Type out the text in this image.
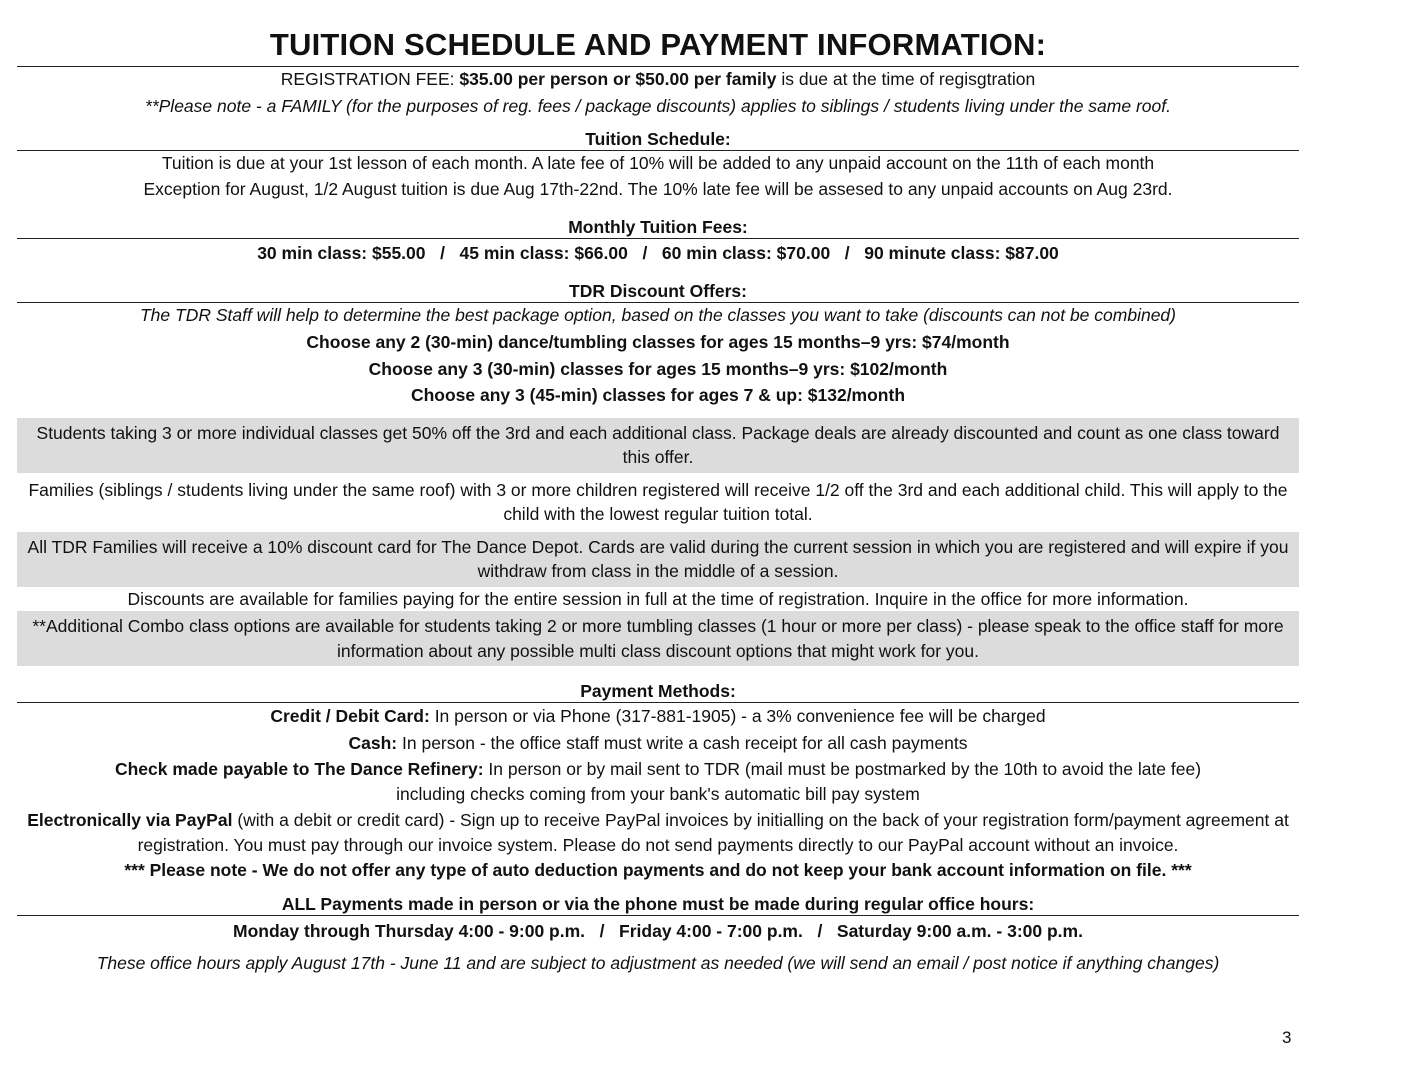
TUITION SCHEDULE AND PAYMENT INFORMATION:
REGISTRATION FEE: $35.00 per person or $50.00 per family is due at the time of regisgtration
**Please note - a FAMILY (for the purposes of reg. fees / package discounts) applies to siblings / students living under the same roof.
Tuition Schedule:
Tuition is due at your 1st lesson of each month. A late fee of 10% will be added to any unpaid account on the 11th of each month
Exception for August, 1/2 August tuition is due Aug 17th-22nd. The 10% late fee will be assesed to any unpaid accounts on Aug 23rd.
Monthly Tuition Fees:
30 min class: $55.00   /   45 min class: $66.00   /   60 min class: $70.00   /   90 minute class: $87.00
TDR Discount Offers:
The TDR Staff will help to determine the best package option, based on the classes you want to take (discounts can not be combined)
Choose any 2 (30-min) dance/tumbling classes for ages 15 months–9 yrs: $74/month
Choose any 3 (30-min) classes for ages 15 months–9 yrs: $102/month
Choose any 3 (45-min) classes for ages 7 & up: $132/month
Students taking 3 or more individual classes get 50% off the 3rd and each additional class. Package deals are already discounted and count as one class toward this offer.
Families (siblings / students living under the same roof) with 3 or more children registered will receive 1/2 off the 3rd and each additional child. This will apply to the child with the lowest regular tuition total.
All TDR Families will receive a 10% discount card for The Dance Depot. Cards are valid during the current session in which you are registered and will expire if you withdraw from class in the middle of a session.
Discounts are available for families paying for the entire session in full at the time of registration. Inquire in the office for more information.
**Additional Combo class options are available for students taking 2 or more tumbling classes (1 hour or more per class) - please speak to the office staff for more information about any possible multi class discount options that might work for you.
Payment Methods:
Credit / Debit Card: In person or via Phone (317-881-1905) - a 3% convenience fee will be charged
Cash: In person - the office staff must write a cash receipt for all cash payments
Check made payable to The Dance Refinery: In person or by mail sent to TDR (mail must be postmarked by the 10th to avoid the late fee)
including checks coming from your bank's automatic bill pay system
Electronically via PayPal (with a debit or credit card) - Sign up to receive PayPal invoices by initialling on the back of your registration form/payment agreement at registration. You must pay through our invoice system. Please do not send payments directly to our PayPal account without an invoice.
*** Please note - We do not offer any type of auto deduction payments and do not keep your bank account information on file. ***
ALL Payments made in person or via the phone must be made during regular office hours:
Monday through Thursday 4:00 - 9:00 p.m.   /   Friday 4:00 - 7:00 p.m.   /   Saturday 9:00 a.m. - 3:00 p.m.
These office hours apply August 17th - June 11 and are subject to adjustment as needed (we will send an email / post notice if anything changes)
3
